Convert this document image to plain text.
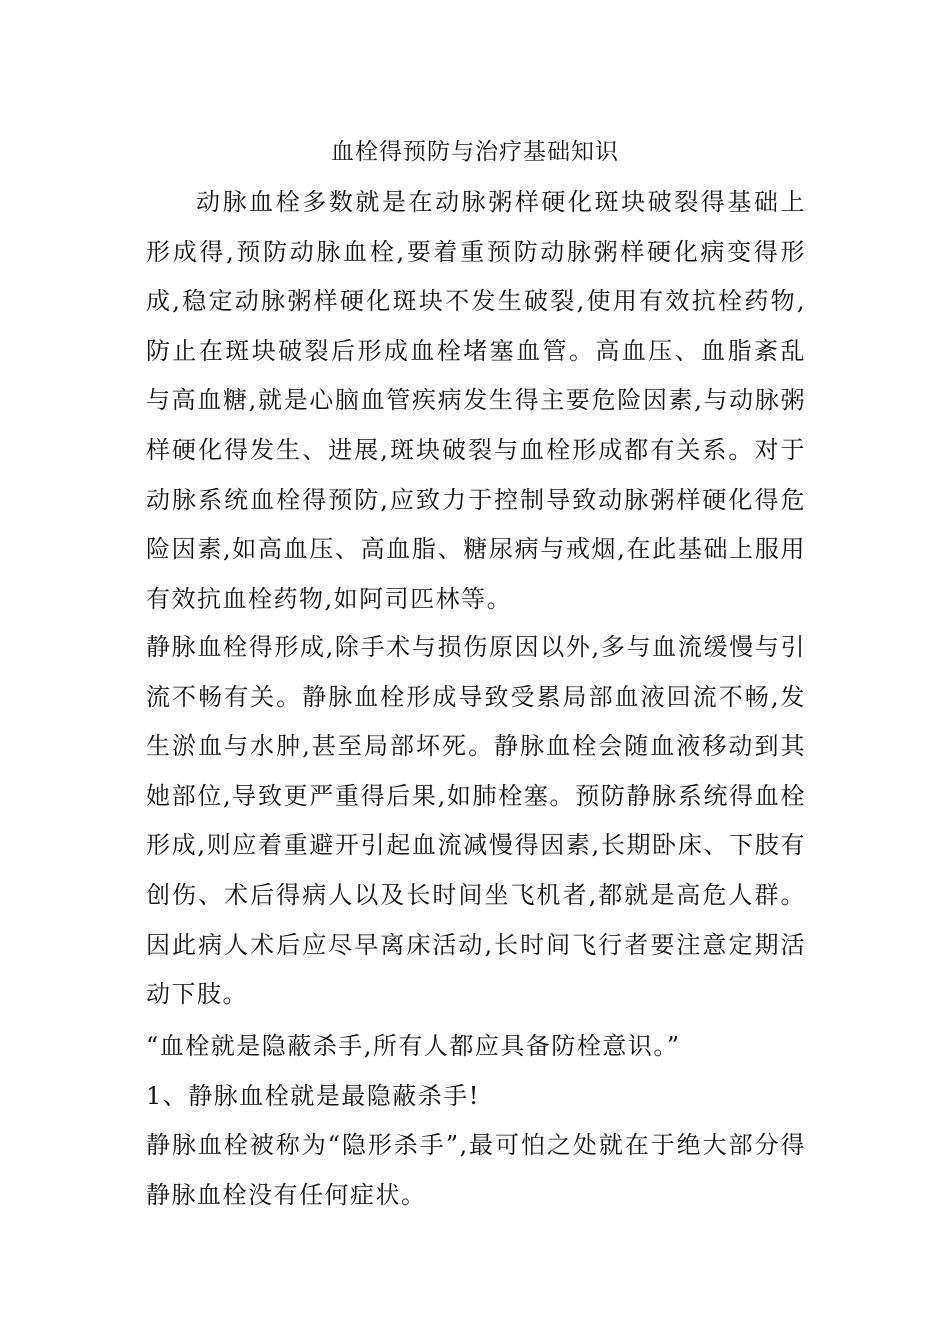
血栓得预防与治疗基础知识

动脉血栓多数就是在动脉粥样硬化斑块破裂得基础上形成得,预防动脉血栓,要着重预防动脉粥样硬化病变得形成,稳定动脉粥样硬化斑块不发生破裂,使用有效抗栓药物,防止在斑块破裂后形成血栓堵塞血管。高血压、血脂紊乱与高血糖,就是心脑血管疾病发生得主要危险因素,与动脉粥样硬化得发生、进展,斑块破裂与血栓形成都有关系。对于动脉系统血栓得预防,应致力于控制导致动脉粥样硬化得危险因素,如高血压、高血脂、糖尿病与戒烟,在此基础上服用有效抗血栓药物,如阿司匹林等。

静脉血栓得形成,除手术与损伤原因以外,多与血流缓慢与引流不畅有关。静脉血栓形成导致受累局部血液回流不畅,发生淤血与水肿,甚至局部坏死。静脉血栓会随血液移动到其她部位,导致更严重得后果,如肺栓塞。预防静脉系统得血栓形成,则应着重避开引起血流减慢得因素,长期卧床、下肢有创伤、术后得病人以及长时间坐飞机者,都就是高危人群。因此病人术后应尽早离床活动,长时间飞行者要注意定期活动下肢。

“血栓就是隐蔽杀手,所有人都应具备防栓意识。”

1、静脉血栓就是最隐蔽杀手!

静脉血栓被称为“隐形杀手”,最可怕之处就在于绝大部分得静脉血栓没有任何症状。
